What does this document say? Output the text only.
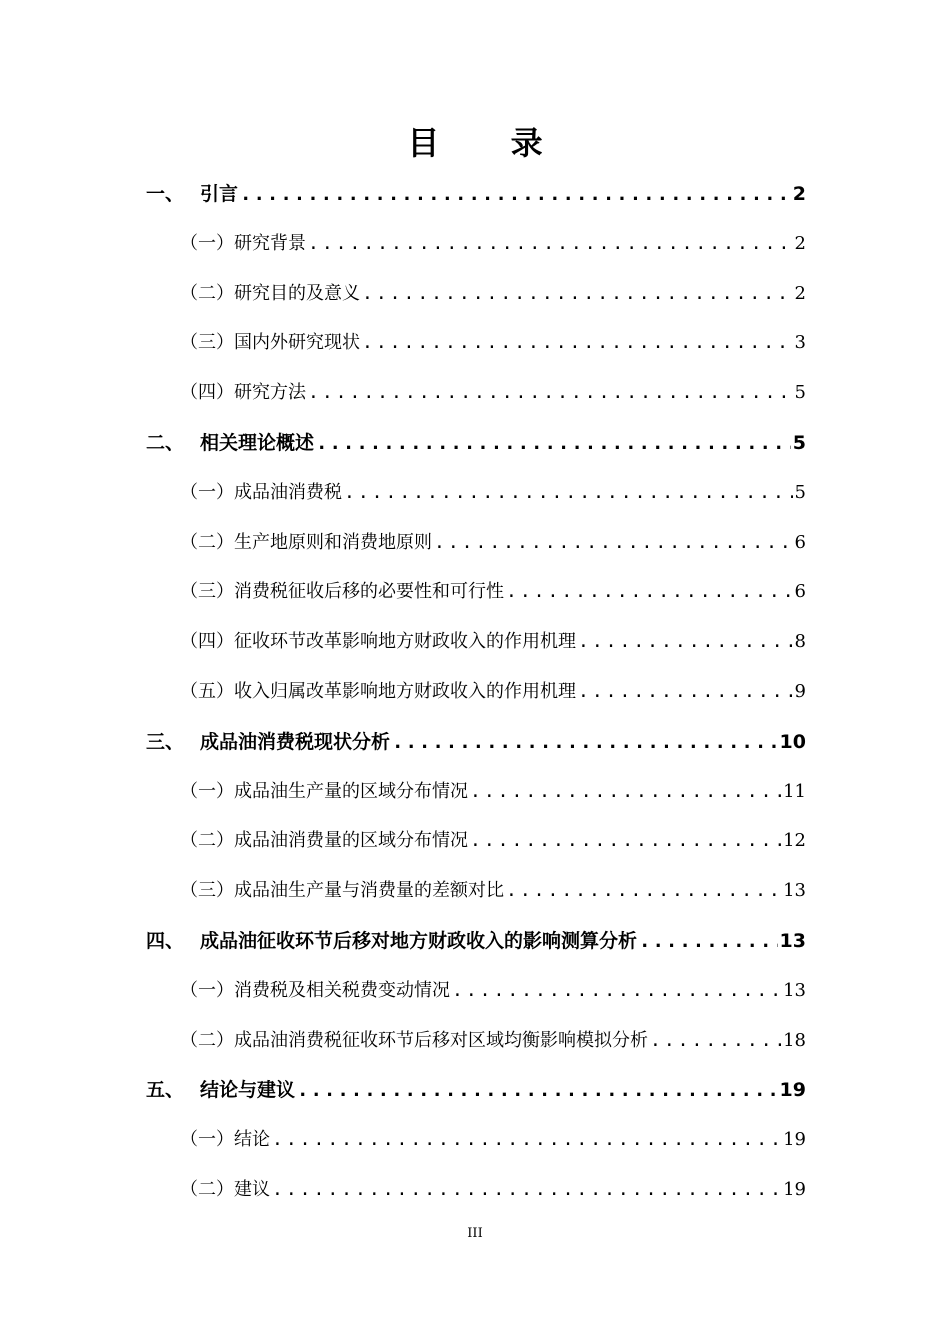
目 录
一、 引言 .....	2
（一） 研究背景 .....	2
（二） 研究目的及意义 .....	2
（三） 国内外研究现状 .....	3
（四） 研究方法 .....	5
二、 相关理论概述 .....	5
（一） 成品油消费税 .....	5
（二） 生产地原则和消费地原则 .....	6
（三） 消费税征收后移的必要性和可行性 .....	6
（四） 征收环节改革影响地方财政收入的作用机理 .....	8
（五） 收入归属改革影响地方财政收入的作用机理 .....	9
三、 成品油消费税现状分析 .....	10
（一） 成品油生产量的区域分布情况 .....	11
（二） 成品油消费量的区域分布情况 .....	12
（三） 成品油生产量与消费量的差额对比 .....	13
四、 成品油征收环节后移对地方财政收入的影响测算分析 .....	13
（一） 消费税及相关税费变动情况 .....	13
（二） 成品油消费税征收环节后移对区域均衡影响模拟分析 .....	18
五、 结论与建议 .....	19
（一） 结论 .....	19
（二） 建议 .....	19
III
